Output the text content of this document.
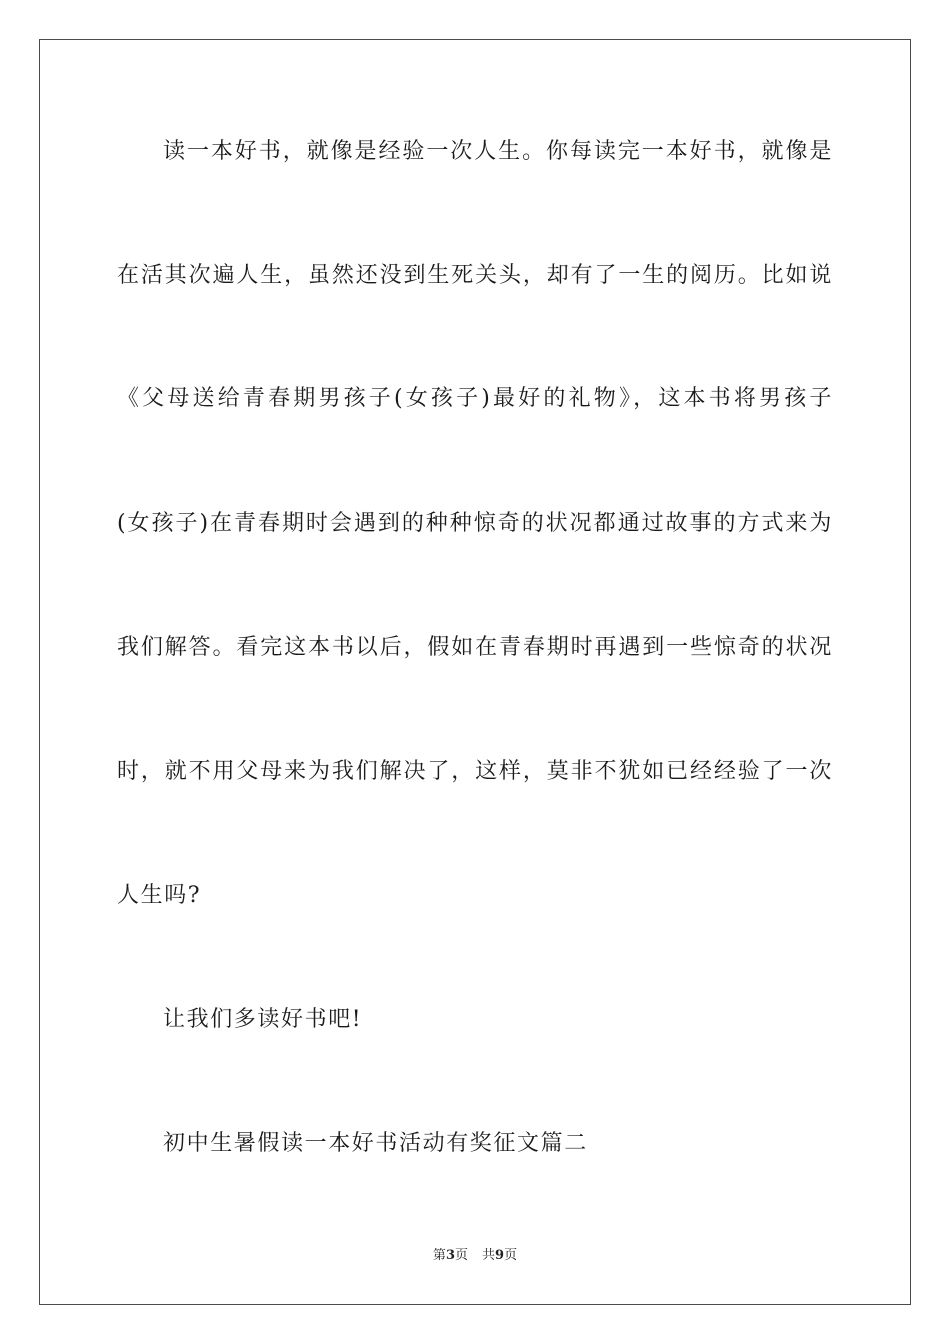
读一本好书，就像是经验一次人生。你每读完一本好书，就像是
在活其次遍人生，虽然还没到生死关头，却有了一生的阅历。比如说
《父母送给青春期男孩子(女孩子)最好的礼物》，这本书将男孩子
(女孩子)在青春期时会遇到的种种惊奇的状况都通过故事的方式来为
我们解答。看完这本书以后，假如在青春期时再遇到一些惊奇的状况
时，就不用父母来为我们解决了，这样，莫非不犹如已经经验了一次
人生吗?
让我们多读好书吧!
初中生暑假读一本好书活动有奖征文篇二
第3页 共9页
